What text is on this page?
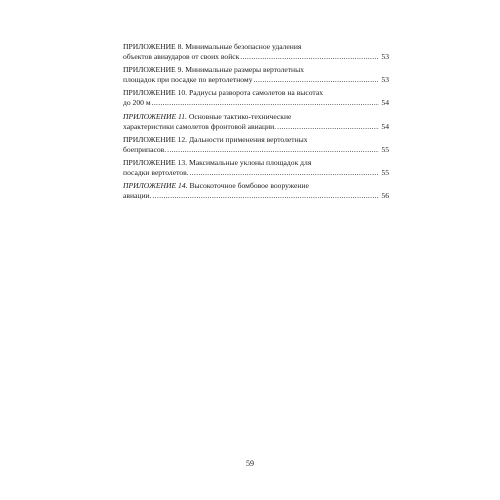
ПРИЛОЖЕНИЕ 8. Минимальные безопасное удаления
объектов авиаударов от своих войск .....	53
ПРИЛОЖЕНИЕ 9. Минимальные размеры вертолетных
площадок при посадке по вертолетному .....	53
ПРИЛОЖЕНИЕ 10. Радиусы разворота самолетов на высотах
до 200 м .....	54
ПРИЛОЖЕНИЕ 11. Основные тактико-технические
характеристики самолетов фронтовой авиации. .....	54
ПРИЛОЖЕНИЕ 12. Дальности применения вертолетных
боеприпасов. .....	55
ПРИЛОЖЕНИЕ 13. Максимальные уклоны площадок для
посадки вертолетов. .....	55
ПРИЛОЖЕНИЕ 14. Высокоточное бомбовое вооружение
авиации. .....	56
59
